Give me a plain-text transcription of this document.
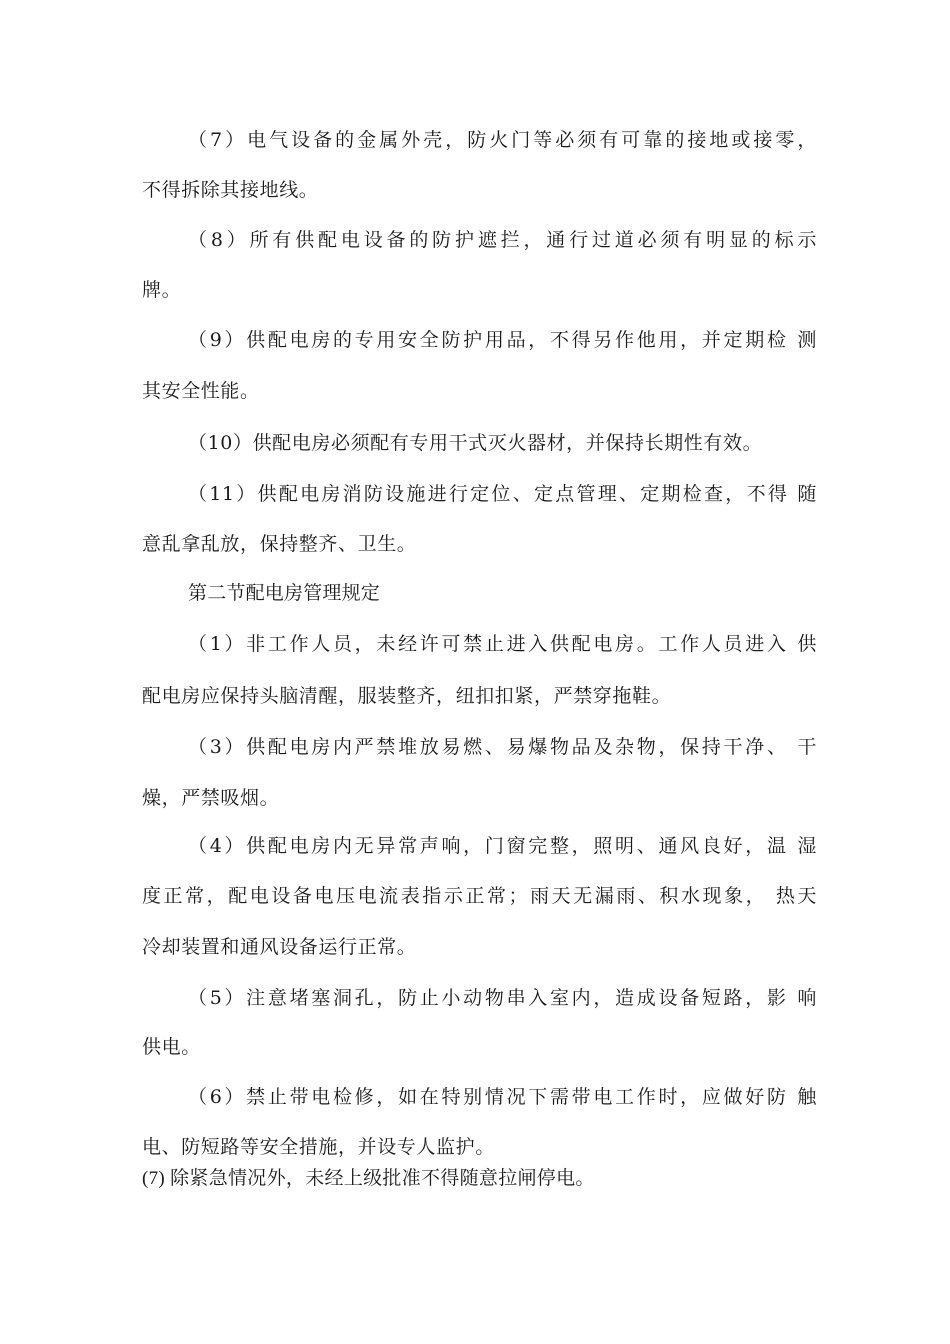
（7）电气设备的金属外壳，防火门等必须有可靠的接地或接零，
不得拆除其接地线。
（8）所有供配电设备的防护遮拦，通行过道必须有明显的标示
牌。
（9）供配电房的专用安全防护用品，不得另作他用，并定期检 测
其安全性能。
（10）供配电房必须配有专用干式灭火器材，并保持长期性有效。
（11）供配电房消防设施进行定位、定点管理、定期检查，不得 随
意乱拿乱放，保持整齐、卫生。
第二节配电房管理规定
（1）非工作人员，未经许可禁止进入供配电房。工作人员进入 供
配电房应保持头脑清醒，服装整齐，纽扣扣紧，严禁穿拖鞋。
（3）供配电房内严禁堆放易燃、易爆物品及杂物，保持干净、 干
燥，严禁吸烟。
（4）供配电房内无异常声响，门窗完整，照明、通风良好，温 湿
度正常，配电设备电压电流表指示正常；雨天无漏雨、积水现象， 热天
冷却装置和通风设备运行正常。
（5）注意堵塞洞孔，防止小动物串入室内，造成设备短路，影 响
供电。
（6）禁止带电检修，如在特别情况下需带电工作时，应做好防 触
电、防短路等安全措施，并设专人监护。
(7) 除紧急情况外，未经上级批准不得随意拉闸停电。
